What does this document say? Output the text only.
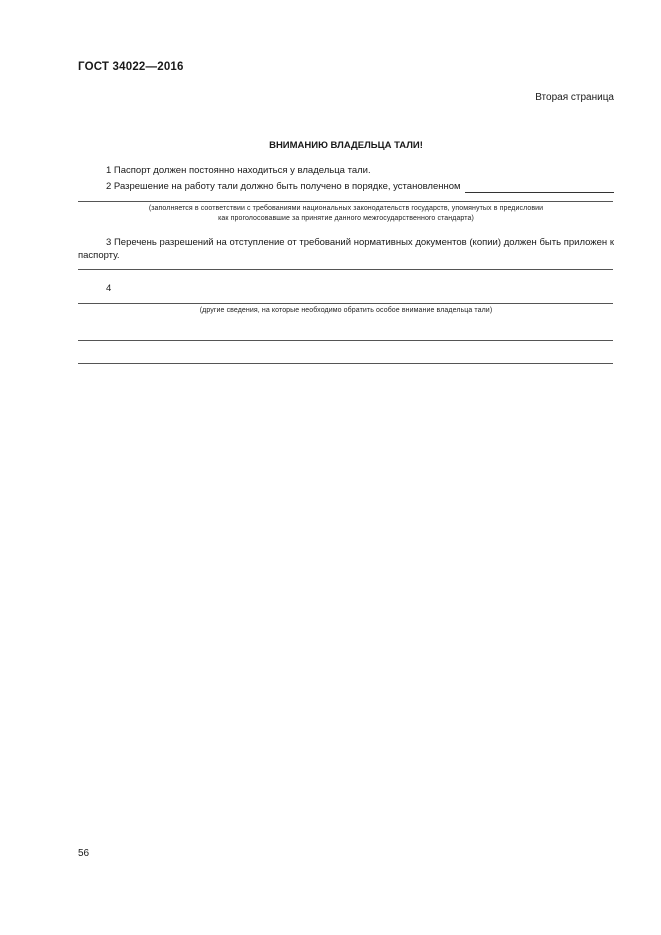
ГОСТ 34022—2016
Вторая страница
ВНИМАНИЮ ВЛАДЕЛЬЦА ТАЛИ!
1 Паспорт должен постоянно находиться у владельца тали.
2 Разрешение на работу тали должно быть получено в порядке, установленном
(заполняется в соответствии с требованиями национальных законодательств государств, упомянутых в предисловии
как проголосовавшие за принятие данного межгосударственного стандарта)
3 Перечень разрешений на отступление от требований нормативных документов (копии) должен быть приложен к паспорту.
4
(другие сведения, на которые необходимо обратить особое внимание владельца тали)
56
